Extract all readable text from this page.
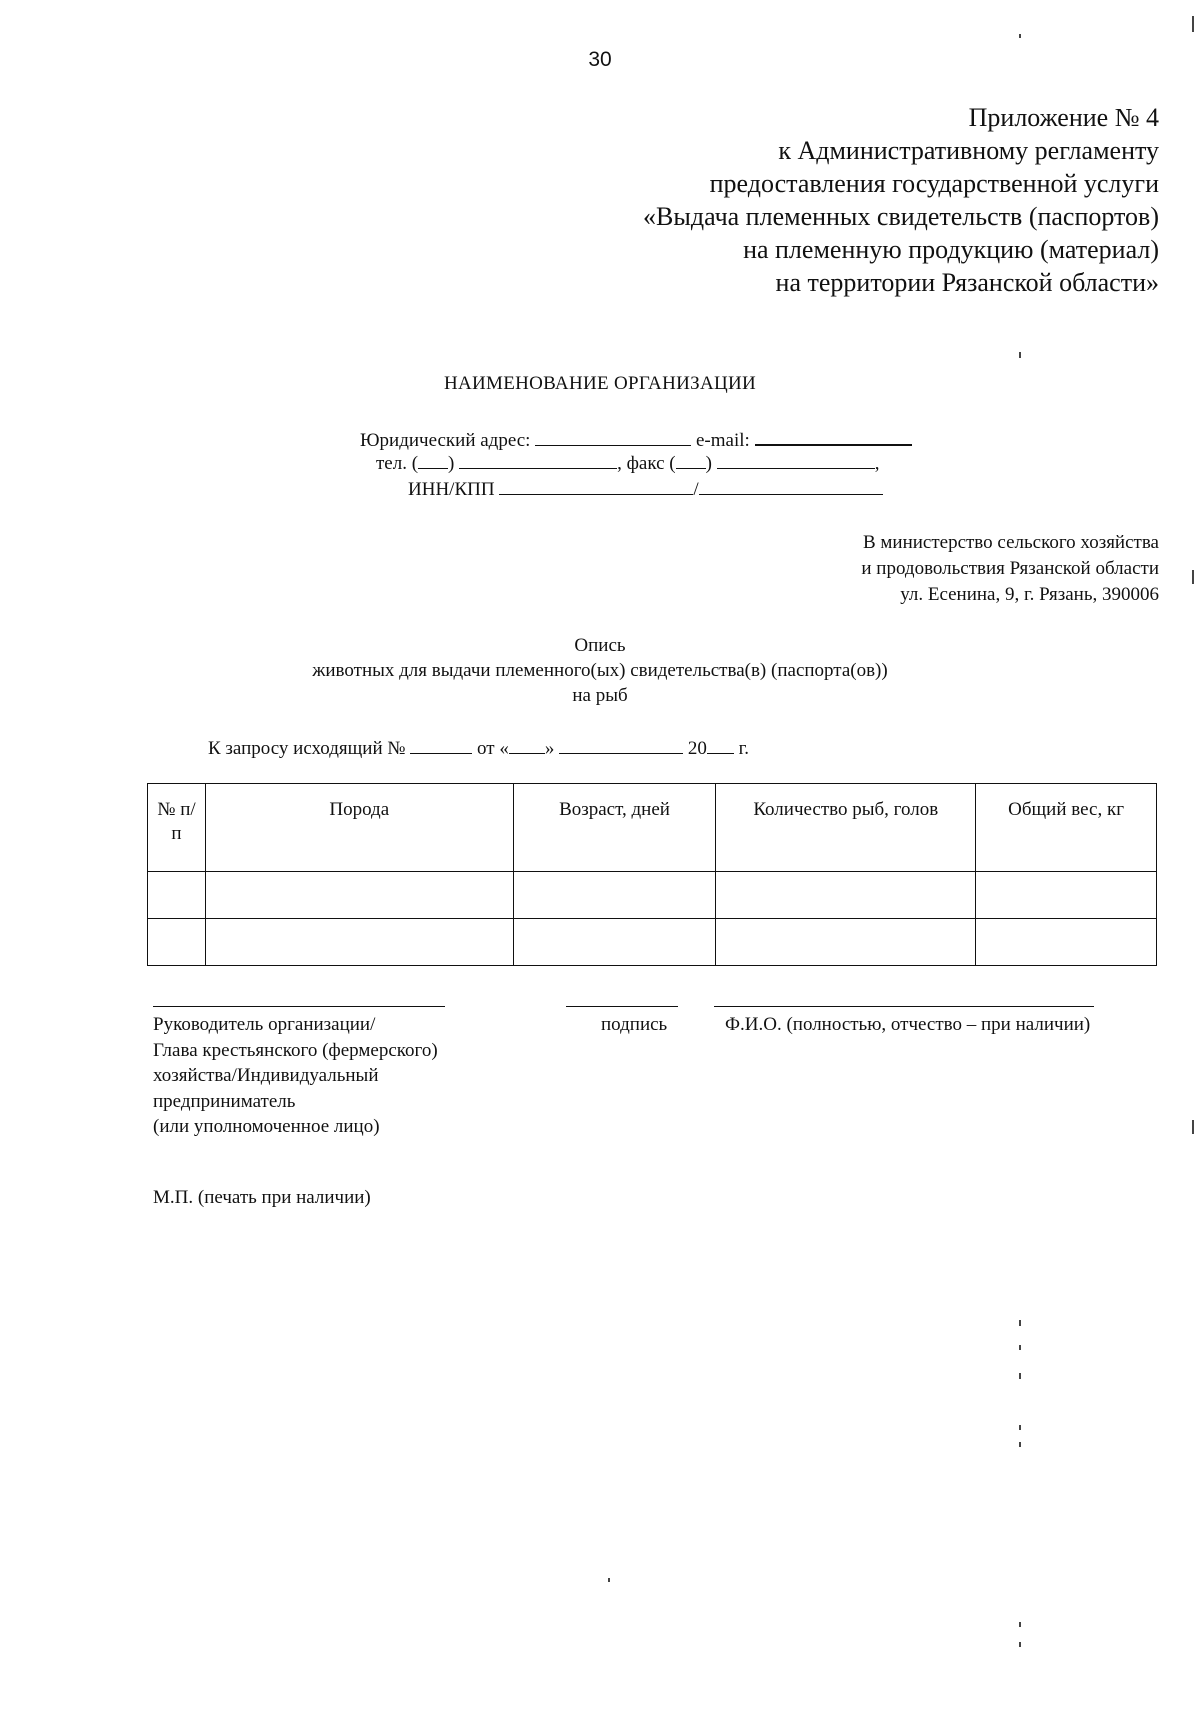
30
Приложение № 4
к Административному регламенту
предоставления государственной услуги
«Выдача племенных свидетельств (паспортов)
на племенную продукцию (материал)
на территории Рязанской области»
НАИМЕНОВАНИЕ ОРГАНИЗАЦИИ
Юридический адрес:	e-mail:
тел. ( )	, факс ( )	,
ИНН/КПП	/
В министерство сельского хозяйства
и продовольствия Рязанской области
ул. Есенина, 9, г. Рязань, 390006
Опись
животных для выдачи племенного(ых) свидетельства(в) (паспорта(ов))
на рыб
К запросу исходящий №	от « »	20 г.
№ п/п	Порода	Возраст, дней	Количество рыб, голов	Общий вес, кг

Руководитель организации/
Глава крестьянского (фермерского)
хозяйства/Индивидуальный
предприниматель
(или уполномоченное лицо)
подпись	Ф.И.О. (полностью, отчество – при наличии)
М.П. (печать при наличии)
